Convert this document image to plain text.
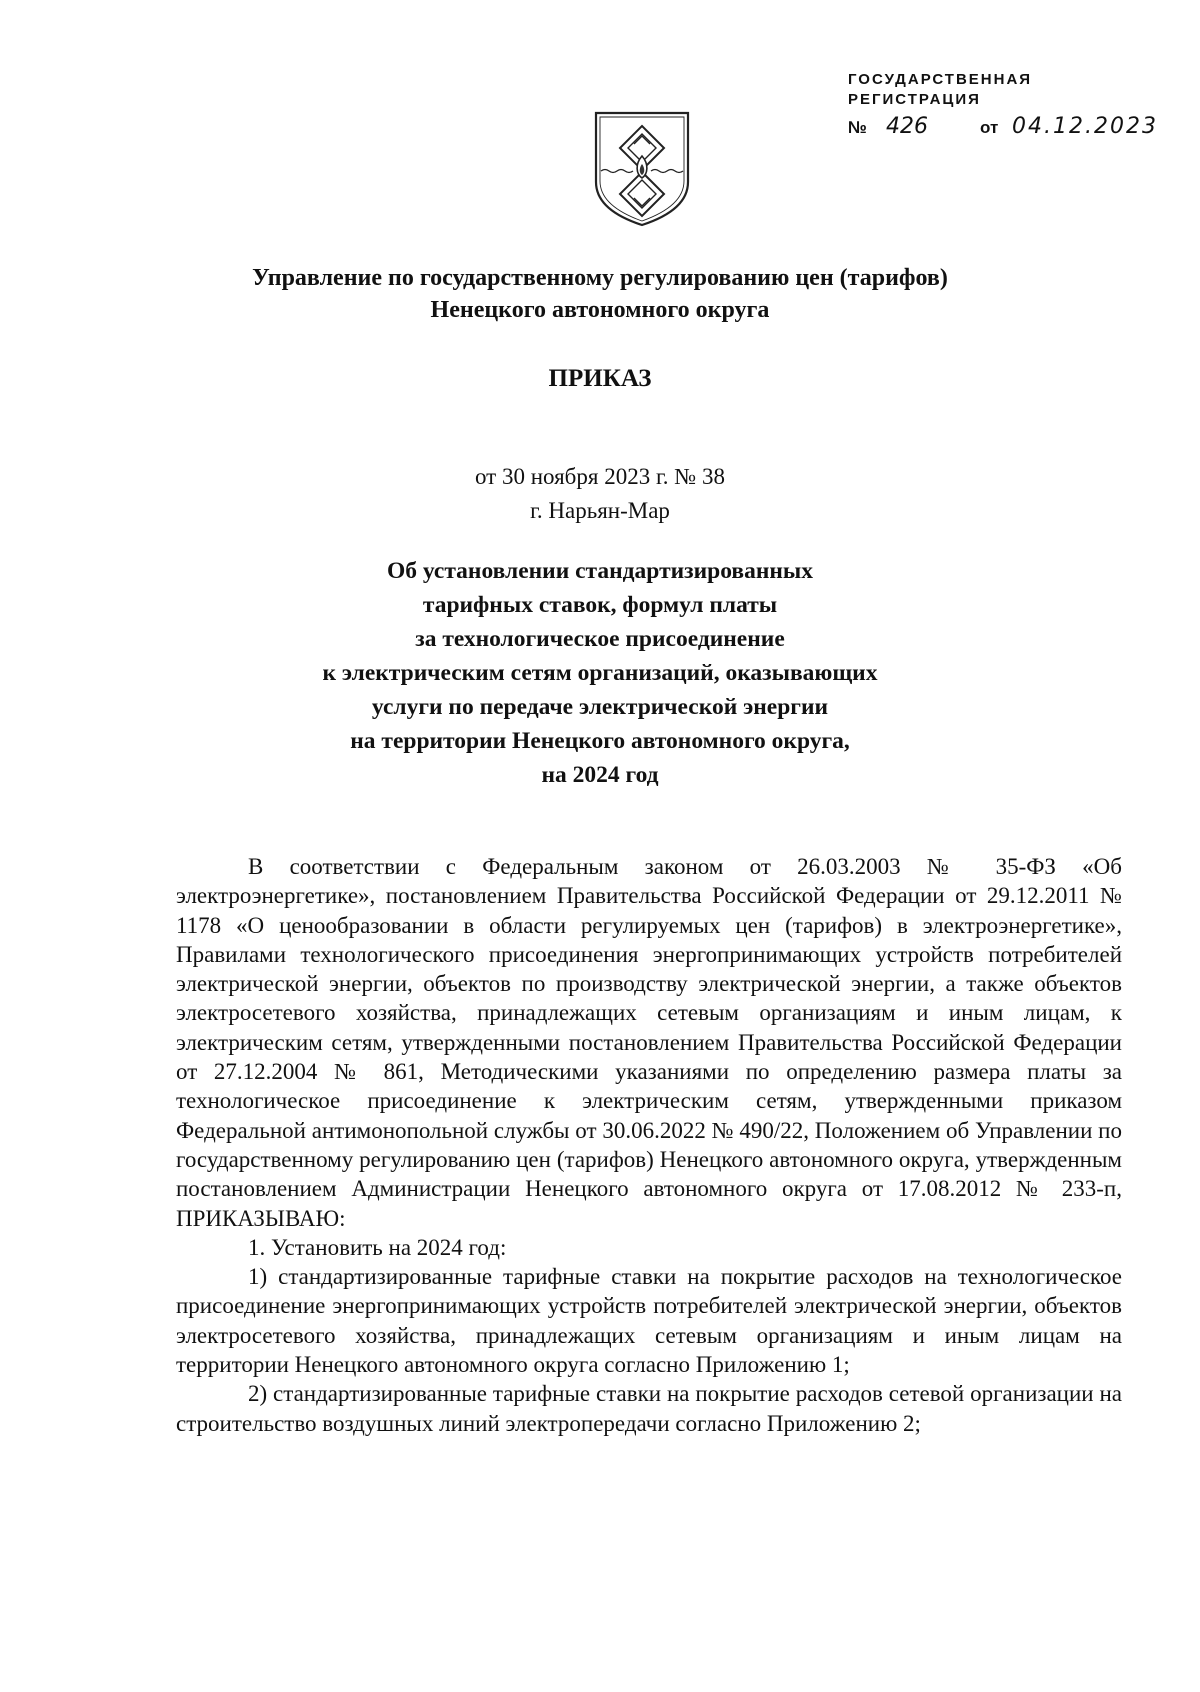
ГОСУДАРСТВЕННАЯ
РЕГИСТРАЦИЯ
№ 426	от 04.12.2023
Управление по государственному регулированию цен (тарифов)
Ненецкого автономного округа
ПРИКАЗ
от 30 ноября 2023 г. № 38
г. Нарьян-Мар
Об установлении стандартизированных
тарифных ставок, формул платы
за технологическое присоединение
к электрическим сетям организаций, оказывающих
услуги по передаче электрической энергии
на территории Ненецкого автономного округа,
на 2024 год

В соответствии с Федеральным законом от 26.03.2003 № 35-ФЗ «Об электроэнергетике», постановлением Правительства Российской Федерации от 29.12.2011 № 1178 «О ценообразовании в области регулируемых цен (тарифов) в электроэнергетике», Правилами технологического присоединения энергопринимающих устройств потребителей электрической энергии, объектов по производству электрической энергии, а также объектов электросетевого хозяйства, принадлежащих сетевым организациям и иным лицам, к электрическим сетям, утвержденными постановлением Правительства Российской Федерации от 27.12.2004 № 861, Методическими указаниями по определению размера платы за технологическое присоединение к электрическим сетям, утвержденными приказом Федеральной антимонопольной службы от 30.06.2022 № 490/22, Положением об Управлении по государственному регулированию цен (тарифов) Ненецкого автономного округа, утвержденным постановлением Администрации Ненецкого автономного округа от 17.08.2012 № 233-п, ПРИКАЗЫВАЮ:

1. Установить на 2024 год:

1) стандартизированные тарифные ставки на покрытие расходов на технологическое присоединение энергопринимающих устройств потребителей электрической энергии, объектов электросетевого хозяйства, принадлежащих сетевым организациям и иным лицам на территории Ненецкого автономного округа согласно Приложению 1;

2) стандартизированные тарифные ставки на покрытие расходов сетевой организации на строительство воздушных линий электропередачи согласно Приложению 2;
